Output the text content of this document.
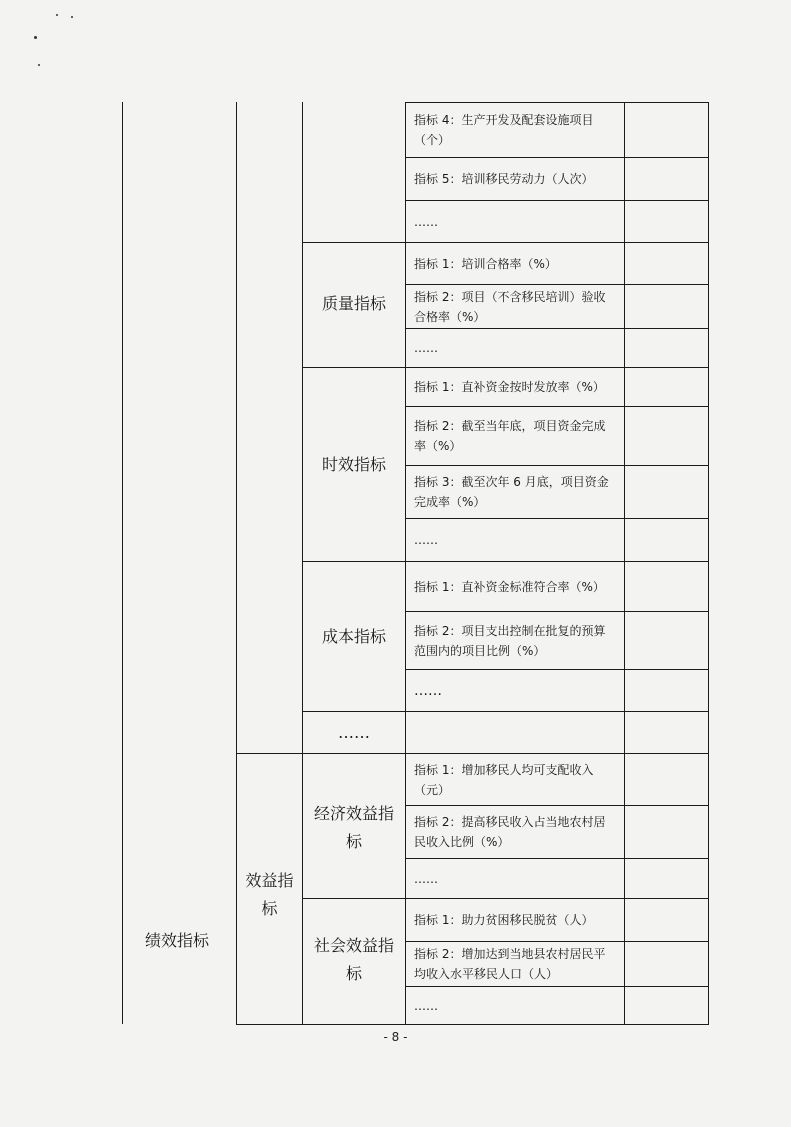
绩效指标
效益指标
质量指标
时效指标
成本指标
……
经济效益指标
社会效益指标
指标 4：生产开发及配套设施项目（个）
指标 5：培训移民劳动力（人次）
……
指标 1：培训合格率（%）
指标 2：项目（不含移民培训）验收合格率（%）
……
指标 1：直补资金按时发放率（%）
指标 2：截至当年底，项目资金完成率（%）
指标 3：截至次年 6 月底，项目资金完成率（%）
……
指标 1：直补资金标准符合率（%）
指标 2：项目支出控制在批复的预算范围内的项目比例（%）
……
指标 1：增加移民人均可支配收入（元）
指标 2：提高移民收入占当地农村居民收入比例（%）
……
指标 1：助力贫困移民脱贫（人）
指标 2：增加达到当地县农村居民平均收入水平移民人口（人）
……
- 8 -
